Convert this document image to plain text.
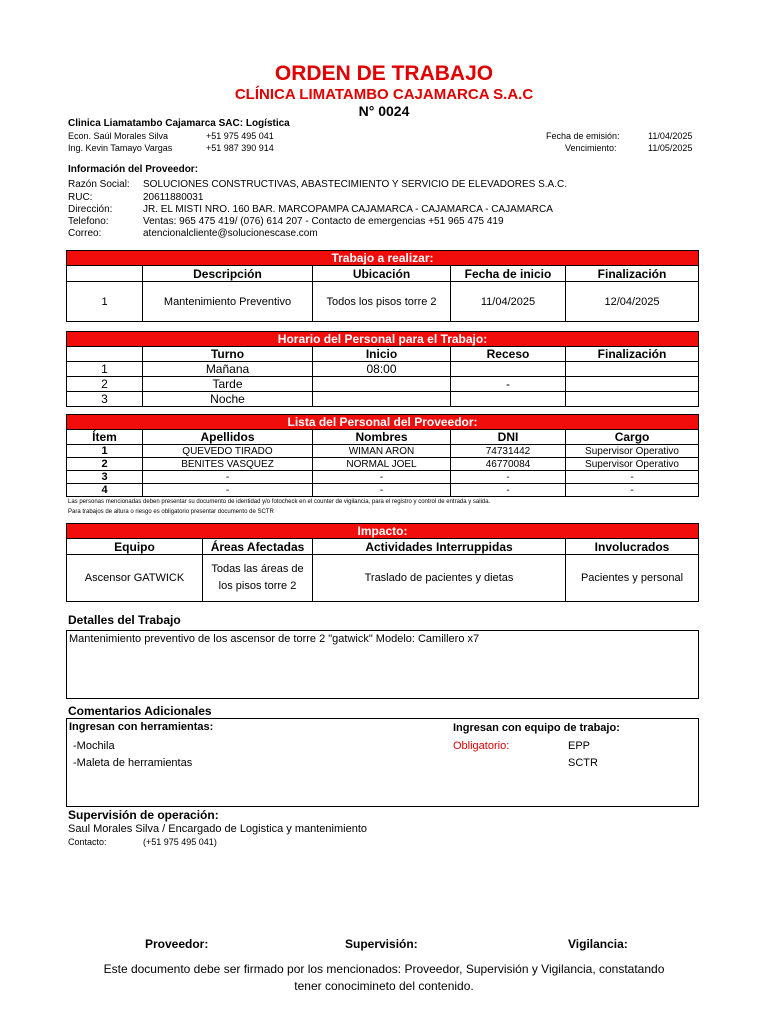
ORDEN DE TRABAJO
CLÍNICA LIMATAMBO CAJAMARCA S.A.C
N° 0024
Clinica Liamatambo Cajamarca SAC: Logística
Econ. Saúl Morales Silva	+51 975 495 041
Ing. Kevin Tamayo Vargas	+51 987 390 914
Fecha de emisión:	11/04/2025
Vencimiento:	11/05/2025
Información del Proveedor:
Razón Social: SOLUCIONES CONSTRUCTIVAS, ABASTECIMIENTO Y SERVICIO DE ELEVADORES S.A.C.
RUC:	20611880031
Dirección:	JR. EL MISTI NRO. 160 BAR. MARCOPAMPA CAJAMARCA - CAJAMARCA - CAJAMARCA
Telefono:	Ventas: 965 475 419/ (076) 614 207 - Contacto de emergencias +51 965 475 419
Correo:	atencionalcliente@solucionescase.com
Trabajo a realizar:				
	Descripción	Ubicación	Fecha de inicio	Finalización
1	Mantenimiento Preventivo	Todos los pisos torre 2	11/04/2025	12/04/2025
Horario del Personal para el Trabajo:				
	Turno	Inicio	Receso	Finalización
1	Mañana	08:00		
2	Tarde		-	
3	Noche			
Lista del Personal del Proveedor:				
Ítem	Apellidos	Nombres	DNI	Cargo
1	QUEVEDO TIRADO	WIMAN ARON	74731442	Supervisor Operativo
2	BENITES VASQUEZ	NORMAL JOEL	46770084	Supervisor Operativo
3	-	-	-	-
4	-	-	-	-
Las personas mencionadas deben presentar su documento de identidad y/o fotocheck en el counter de vigilancia, para el registro y control de entrada y salida.
Para trabajos de altura o riesgo es obligatorio presentar documento de SCTR
Impacto:			
Equipo	Áreas Afectadas	Actividades Interruppidas	Involucrados
Ascensor GATWICK	Todas las áreas de
los pisos torre 2	Traslado de pacientes y dietas	Pacientes y personal
Detalles del Trabajo
Mantenimiento preventivo de los ascensor de torre 2 "gatwick" Modelo: Camillero x7
Comentarios Adicionales
Ingresan con herramientas:
-Mochila
-Maleta de herramientas
Ingresan con equipo de trabajo:
Obligatorio:	EPP
SCTR
Supervisión de operación:
Saul Morales Silva / Encargado de Logistica y mantenimiento
Contacto:	(+51 975 495 041)
Proveedor:	Supervisión:	Vigilancia:
Este documento debe ser firmado por los mencionados: Proveedor, Supervisión y Vigilancia, constatando
tener conocimineto del contenido.
